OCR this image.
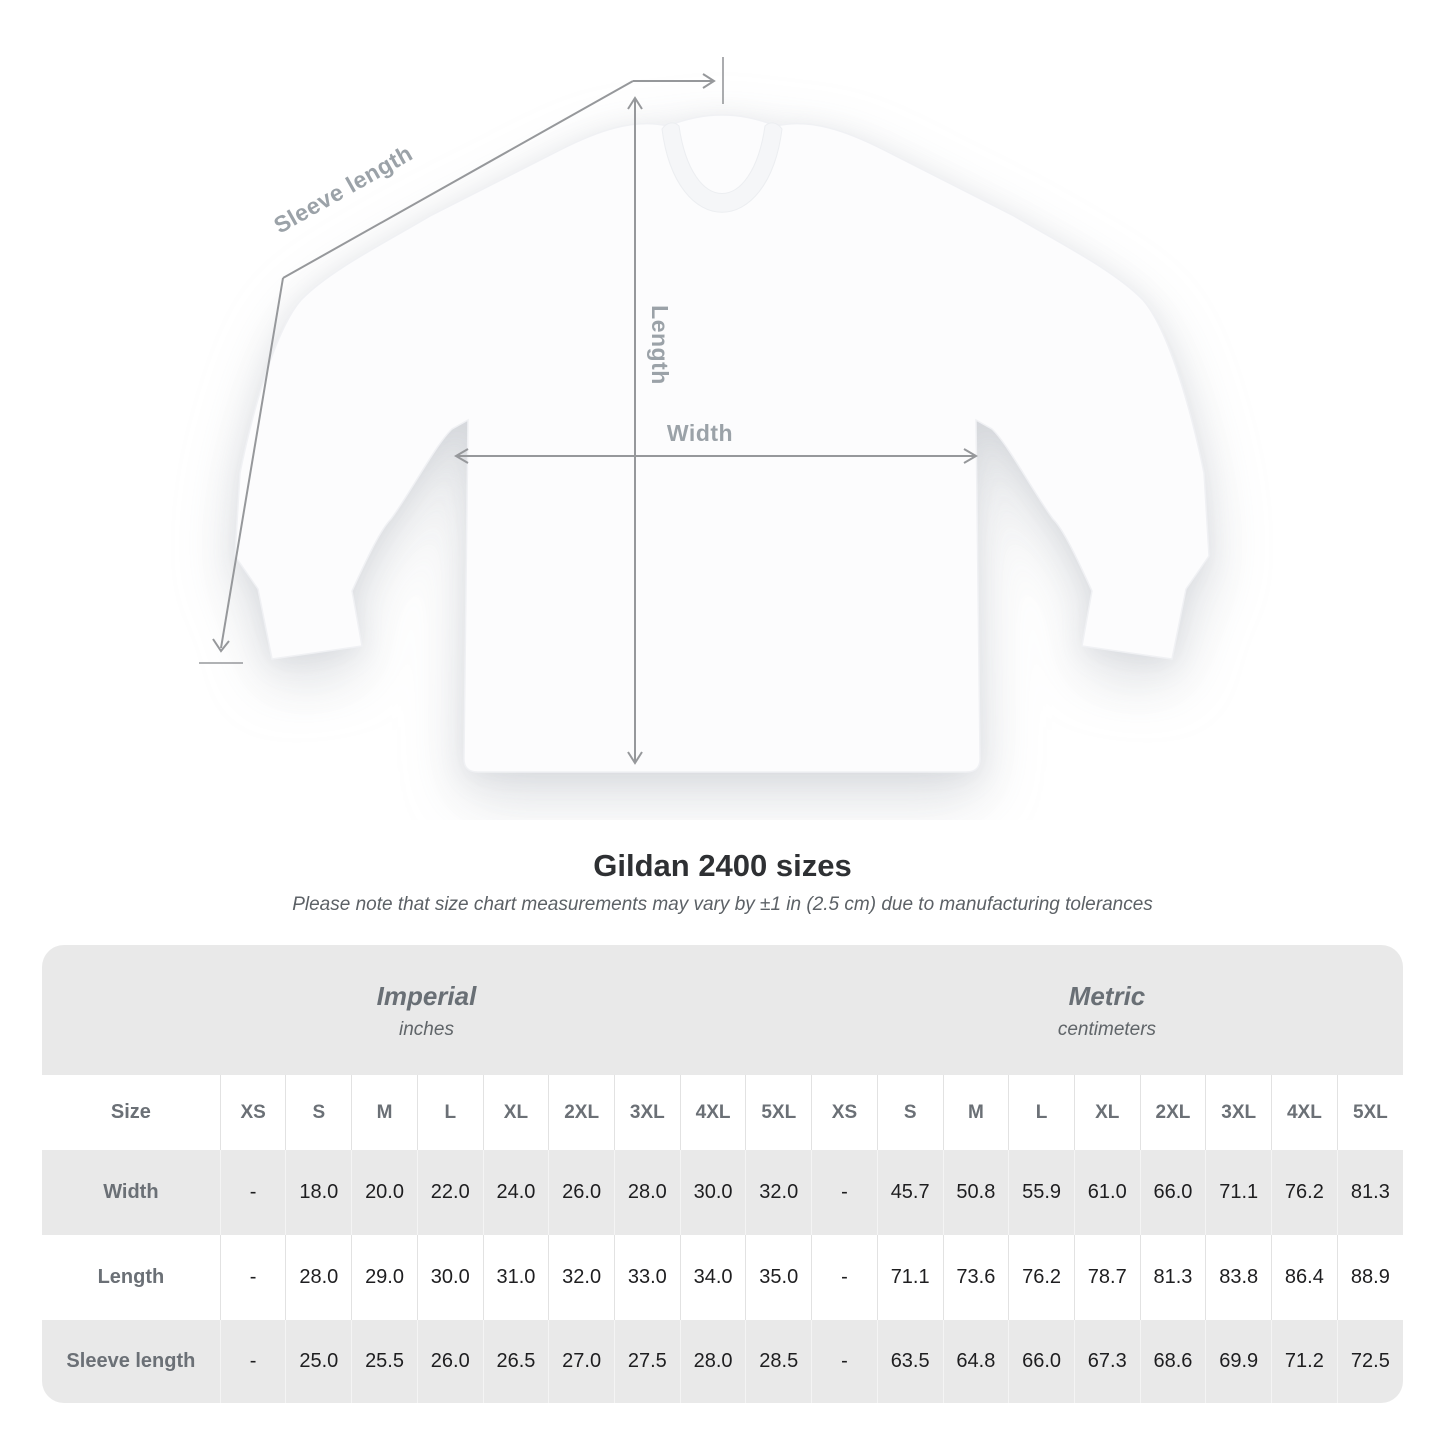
Sleeve length
Length
Width
Gildan 2400 sizes

Please note that size chart measurements may vary by ±1 in (2.5 cm) due to manufacturing tolerances

Imperial
inches
Metric
centimeters
Size	XS	S	M	L	XL	2XL	3XL	4XL	5XL	XS	S	M	L	XL	2XL	3XL	4XL	5XL
Width	-	18.0	20.0	22.0	24.0	26.0	28.0	30.0	32.0	-	45.7	50.8	55.9	61.0	66.0	71.1	76.2	81.3
Length	-	28.0	29.0	30.0	31.0	32.0	33.0	34.0	35.0	-	71.1	73.6	76.2	78.7	81.3	83.8	86.4	88.9
Sleeve length	-	25.0	25.5	26.0	26.5	27.0	27.5	28.0	28.5	-	63.5	64.8	66.0	67.3	68.6	69.9	71.2	72.5
